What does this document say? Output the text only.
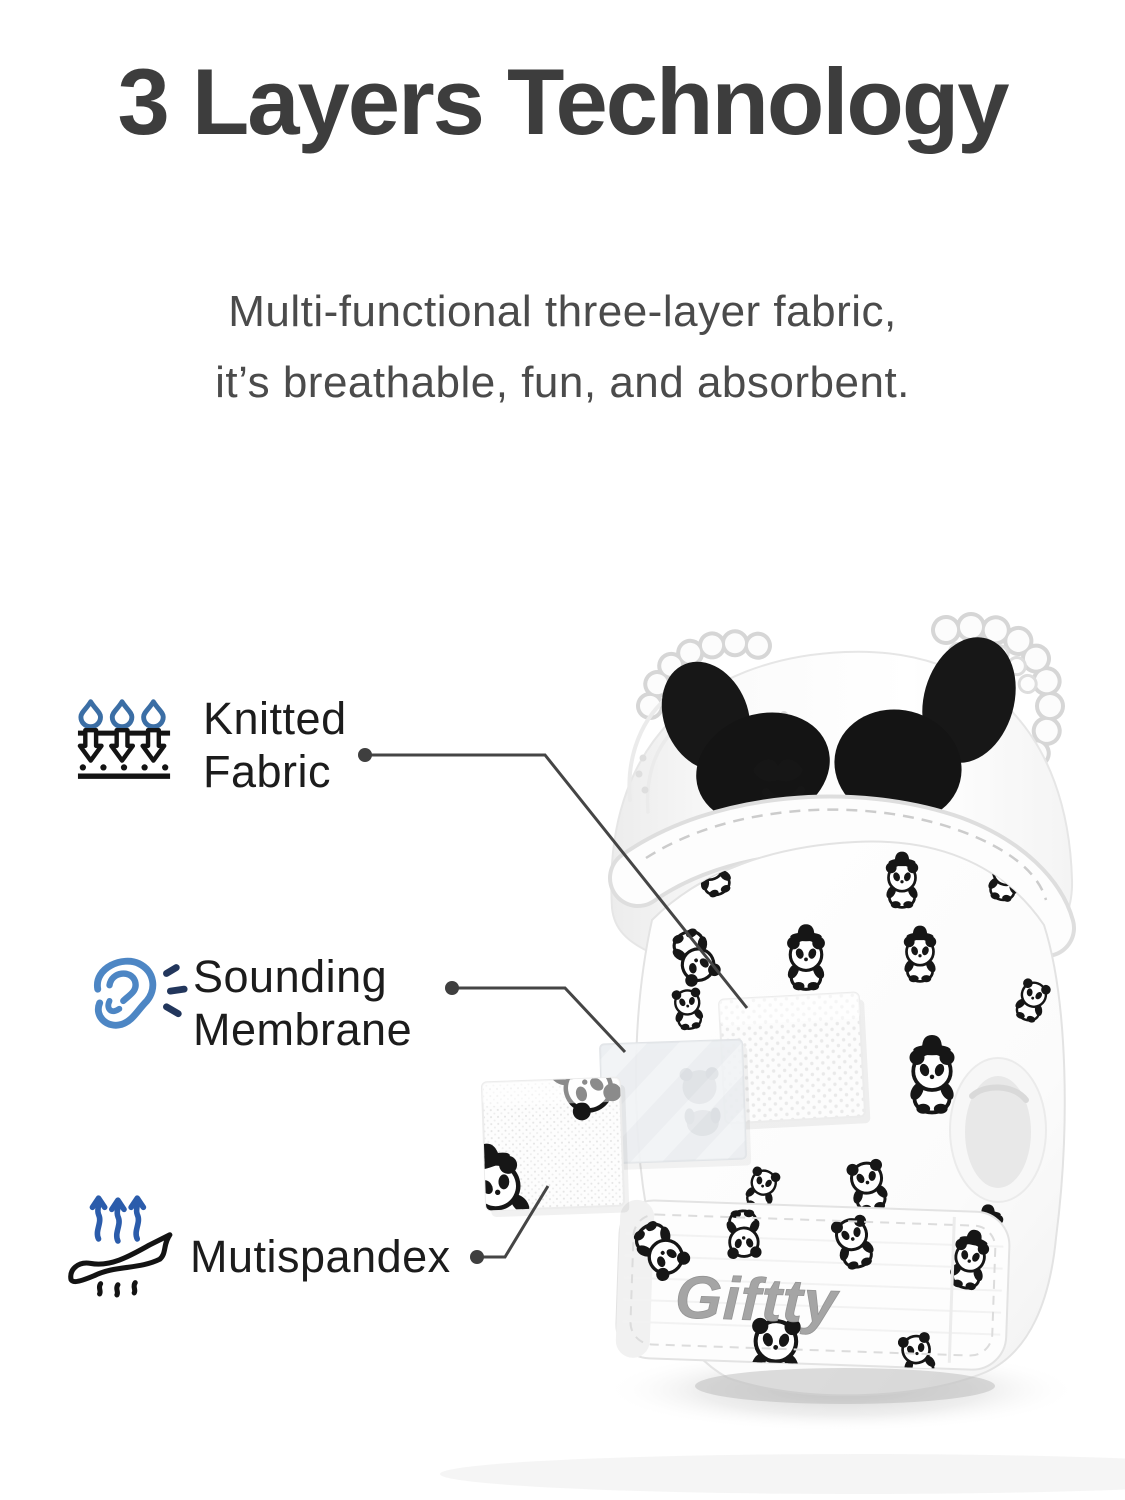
Giftty
3 Layers Technology
Multi-functional three-layer fabric,
it’s breathable, fun, and absorbent.
Knitted
Fabric
Sounding
Membrane
Mutispandex
